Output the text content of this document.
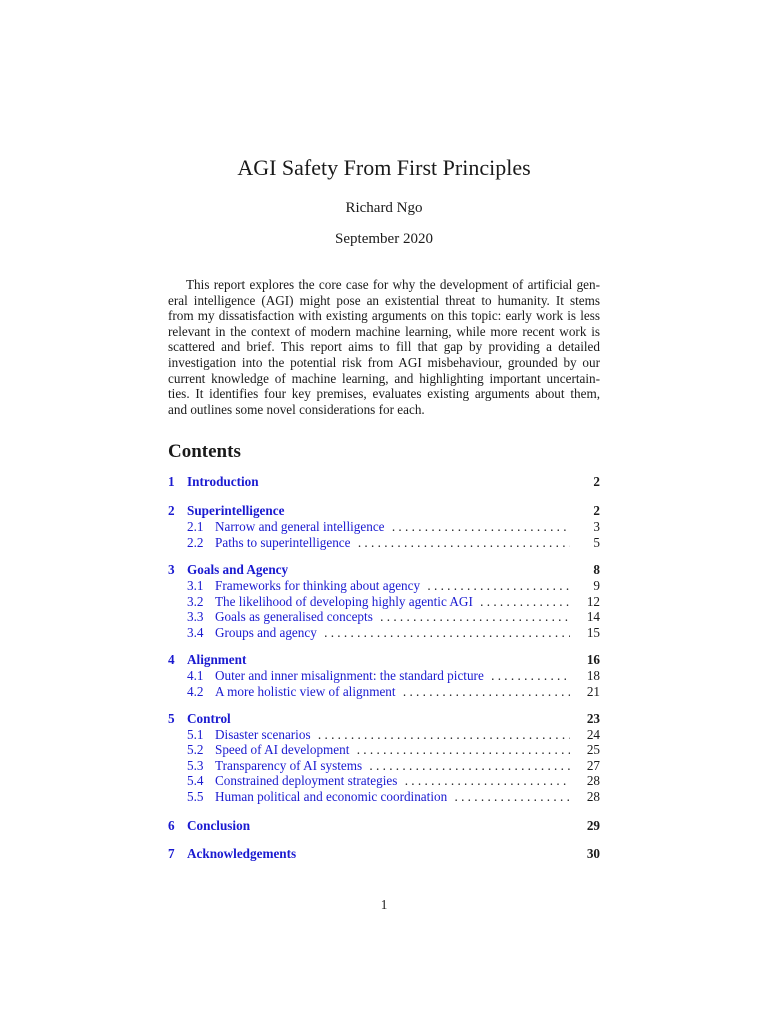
AGI Safety From First Principles
Richard Ngo
September 2020
This report explores the core case for why the development of artificial gen-
eral intelligence (AGI) might pose an existential threat to humanity. It stems
from my dissatisfaction with existing arguments on this topic: early work is less
relevant in the context of modern machine learning, while more recent work is
scattered and brief. This report aims to fill that gap by providing a detailed
investigation into the potential risk from AGI misbehaviour, grounded by our
current knowledge of machine learning, and highlighting important uncertain-
ties. It identifies four key premises, evaluates existing arguments about them,
and outlines some novel considerations for each.
Contents
1 Introduction	2
2 Superintelligence	2
2.1 Narrow and general intelligence . . .	3
2.2 Paths to superintelligence . . .	5
3 Goals and Agency	8
3.1 Frameworks for thinking about agency . . .	9
3.2 The likelihood of developing highly agentic AGI . . .	12
3.3 Goals as generalised concepts . . .	14
3.4 Groups and agency . . .	15
4 Alignment	16
4.1 Outer and inner misalignment: the standard picture . . .	18
4.2 A more holistic view of alignment . . .	21
5 Control	23
5.1 Disaster scenarios . . .	24
5.2 Speed of AI development . . .	25
5.3 Transparency of AI systems . . .	27
5.4 Constrained deployment strategies . . .	28
5.5 Human political and economic coordination . . .	28
6 Conclusion	29
7 Acknowledgements	30
1
